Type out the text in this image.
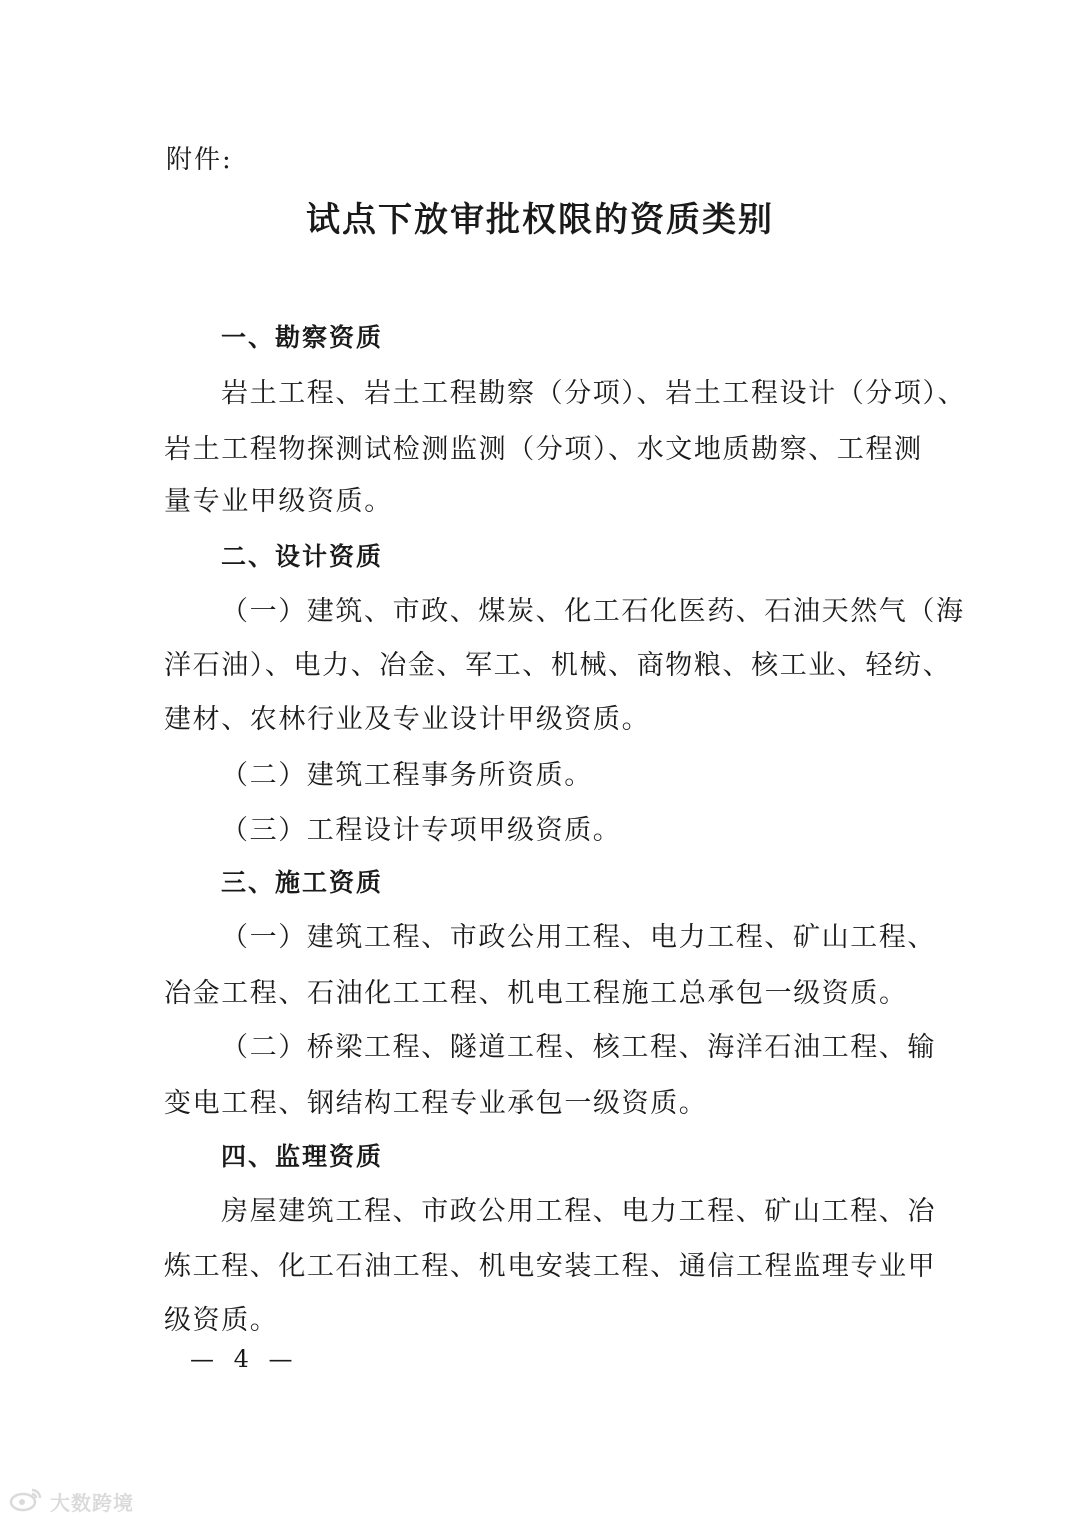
附件:
试点下放审批权限的资质类别
一、勘察资质
岩土工程、岩土工程勘察（分项）、岩土工程设计（分项）、
岩土工程物探测试检测监测（分项）、水文地质勘察、工程测
量专业甲级资质。
二、设计资质
（一）建筑、市政、煤炭、化工石化医药、石油天然气（海
洋石油）、电力、冶金、军工、机械、商物粮、核工业、轻纺、
建材、农林行业及专业设计甲级资质。
（二）建筑工程事务所资质。
（三）工程设计专项甲级资质。
三、施工资质
（一）建筑工程、市政公用工程、电力工程、矿山工程、
冶金工程、石油化工工程、机电工程施工总承包一级资质。
（二）桥梁工程、隧道工程、核工程、海洋石油工程、输
变电工程、钢结构工程专业承包一级资质。
四、监理资质
房屋建筑工程、市政公用工程、电力工程、矿山工程、冶
炼工程、化工石油工程、机电安装工程、通信工程监理专业甲
级资质。
— 4 —
大数跨境
